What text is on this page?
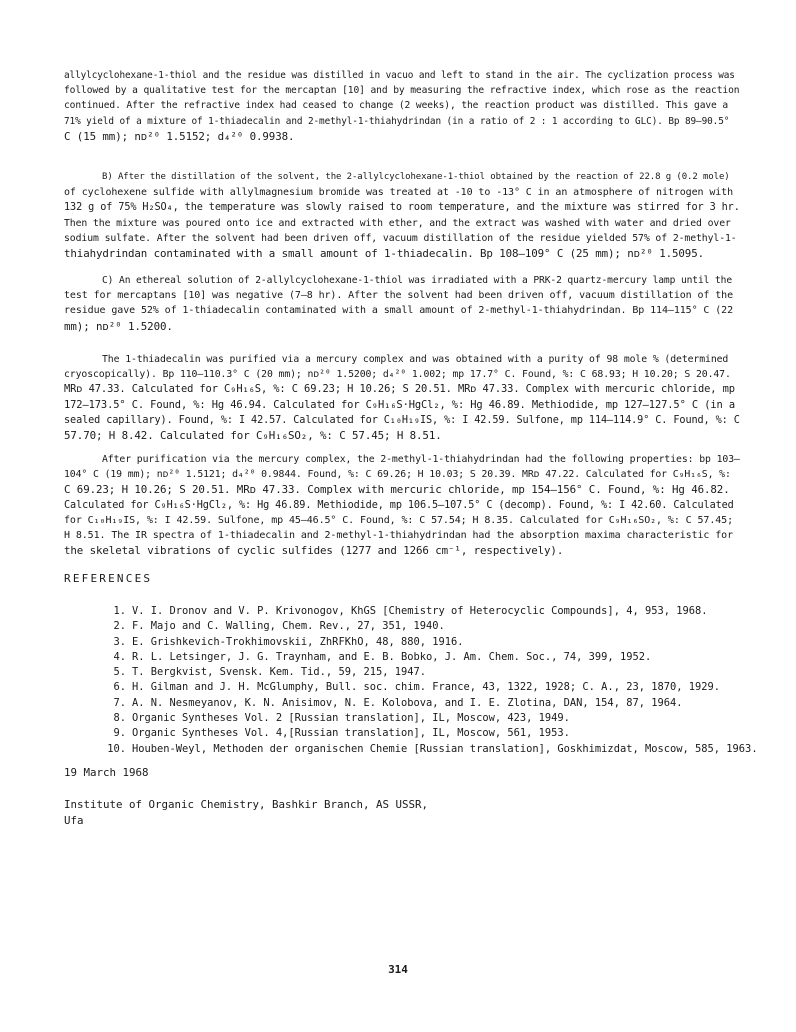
allylcyclohexane-1-thiol and the residue was distilled in vacuo and left to stand in the air. The cyclization process was
followed by a qualitative test for the mercaptan [10] and by measuring the refractive index, which rose as the reaction
continued. After the refractive index had ceased to change (2 weeks), the reaction product was distilled. This gave a
71% yield of a mixture of 1-thiadecalin and 2-methyl-1-thiahydrindan (in a ratio of 2 : 1 according to GLC). Bp 89–90.5°
C (15 mm); nᴅ²⁰ 1.5152; d₄²⁰ 0.9938.
B) After the distillation of the solvent, the 2-allylcyclohexane-1-thiol obtained by the reaction of 22.8 g (0.2 mole)
of cyclohexene sulfide with allylmagnesium bromide was treated at -10 to -13° C in an atmosphere of nitrogen with
132 g of 75% H₂SO₄, the temperature was slowly raised to room temperature, and the mixture was stirred for 3 hr.
Then the mixture was poured onto ice and extracted with ether, and the extract was washed with water and dried over
sodium sulfate. After the solvent had been driven off, vacuum distillation of the residue yielded 57% of 2-methyl-1-
thiahydrindan contaminated with a small amount of 1-thiadecalin. Bp 108–109° C (25 mm); nᴅ²⁰ 1.5095.
C) An ethereal solution of 2-allylcyclohexane-1-thiol was irradiated with a PRK-2 quartz-mercury lamp until the
test for mercaptans [10] was negative (7–8 hr). After the solvent had been driven off, vacuum distillation of the
residue gave 52% of 1-thiadecalin contaminated with a small amount of 2-methyl-1-thiahydrindan. Bp 114–115° C (22
mm); nᴅ²⁰ 1.5200.
The 1-thiadecalin was purified via a mercury complex and was obtained with a purity of 98 mole % (determined
cryoscopically). Bp 110–110.3° C (20 mm); nᴅ²⁰ 1.5200; d₄²⁰ 1.002; mp 17.7° C. Found, %: C 68.93; H 10.20; S 20.47.
MRᴅ 47.33. Calculated for C₉H₁₆S, %: C 69.23; H 10.26; S 20.51. MRᴅ 47.33. Complex with mercuric chloride, mp
172–173.5° C. Found, %: Hg 46.94. Calculated for C₉H₁₆S·HgCl₂, %: Hg 46.89. Methiodide, mp 127–127.5° C (in a
sealed capillary). Found, %: I 42.57. Calculated for C₁₀H₁₉IS, %: I 42.59. Sulfone, mp 114–114.9° C. Found, %: C
57.70; H 8.42. Calculated for C₉H₁₆SO₂, %: C 57.45; H 8.51.
After purification via the mercury complex, the 2-methyl-1-thiahydrindan had the following properties: bp 103–
104° C (19 mm); nᴅ²⁰ 1.5121; d₄²⁰ 0.9844. Found, %: C 69.26; H 10.03; S 20.39. MRᴅ 47.22. Calculated for C₉H₁₆S, %:
C 69.23; H 10.26; S 20.51. MRᴅ 47.33. Complex with mercuric chloride, mp 154–156° C. Found, %: Hg 46.82.
Calculated for C₉H₁₆S·HgCl₂, %: Hg 46.89. Methiodide, mp 106.5–107.5° C (decomp). Found, %: I 42.60. Calculated
for C₁₀H₁₉IS, %: I 42.59. Sulfone, mp 45–46.5° C. Found, %: C 57.54; H 8.35. Calculated for C₉H₁₆SO₂, %: C 57.45;
H 8.51. The IR spectra of 1-thiadecalin and 2-methyl-1-thiahydrindan had the absorption maxima characteristic for
the skeletal vibrations of cyclic sulfides (1277 and 1266 cm⁻¹, respectively).
REFERENCES
1. V. I. Dronov and V. P. Krivonogov, KhGS [Chemistry of Heterocyclic Compounds], 4, 953, 1968.
2. F. Majo and C. Walling, Chem. Rev., 27, 351, 1940.
3. E. Grishkevich-Trokhimovskii, ZhRFKhO, 48, 880, 1916.
4. R. L. Letsinger, J. G. Traynham, and E. B. Bobko, J. Am. Chem. Soc., 74, 399, 1952.
5. T. Bergkvist, Svensk. Kem. Tid., 59, 215, 1947.
6. H. Gilman and J. H. McGlumphy, Bull. soc. chim. France, 43, 1322, 1928; C. A., 23, 1870, 1929.
7. A. N. Nesmeyanov, K. N. Anisimov, N. E. Kolobova, and I. E. Zlotina, DAN, 154, 87, 1964.
8. Organic Syntheses Vol. 2 [Russian translation], IL, Moscow, 423, 1949.
9. Organic Syntheses Vol. 4,[Russian translation], IL, Moscow, 561, 1953.
10. Houben-Weyl, Methoden der organischen Chemie [Russian translation], Goskhimizdat, Moscow, 585, 1963.
19 March 1968
Institute of Organic Chemistry, Bashkir Branch, AS USSR,
Ufa
314
